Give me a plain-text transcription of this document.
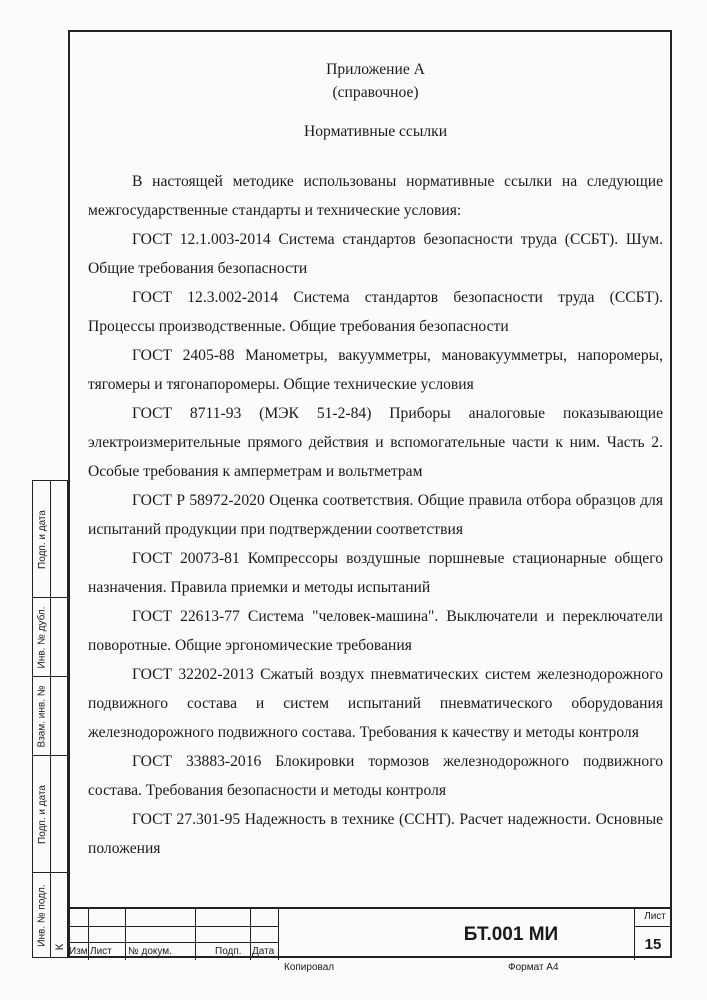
Приложение А

(справочное)

Нормативные ссылки

В настоящей методике использованы нормативные ссылки на следующие межгосударственные стандарты и технические условия:

ГОСТ 12.1.003-2014 Система стандартов безопасности труда (ССБТ). Шум. Общие требования безопасности

ГОСТ 12.3.002-2014 Система стандартов безопасности труда (ССБТ). Процессы производственные. Общие требования безопасности

ГОСТ 2405-88 Манометры, вакуумметры, мановакуумметры, напоромеры, тягомеры и тягонапоромеры. Общие технические условия

ГОСТ 8711-93 (МЭК 51-2-84) Приборы аналоговые показывающие электроизмерительные прямого действия и вспомогательные части к ним. Часть 2. Особые требования к амперметрам и вольтметрам

ГОСТ Р 58972-2020 Оценка соответствия. Общие правила отбора образцов для испытаний продукции при подтверждении соответствия

ГОСТ 20073-81 Компрессоры воздушные поршневые стационарные общего назначения. Правила приемки и методы испытаний

ГОСТ 22613-77 Система "человек-машина". Выключатели и переключатели поворотные. Общие эргономические требования

ГОСТ 32202-2013 Сжатый воздух пневматических систем железнодорожного подвижного состава и систем испытаний пневматического оборудования железнодорожного подвижного состава. Требования к качеству и методы контроля

ГОСТ 33883-2016 Блокировки тормозов железнодорожного подвижного состава. Требования безопасности и методы контроля

ГОСТ 27.301-95 Надежность в технике (ССНТ). Расчет надежности. Основные положения

Подп. и дата
Инв. № дубл.
Взам. инв. №
Подп. и дата
Инв. № подл.
К Изм Лист № докум.	Подп. Дата
БТ.001 МИ
Лист
15
Копировал	Формат А4
